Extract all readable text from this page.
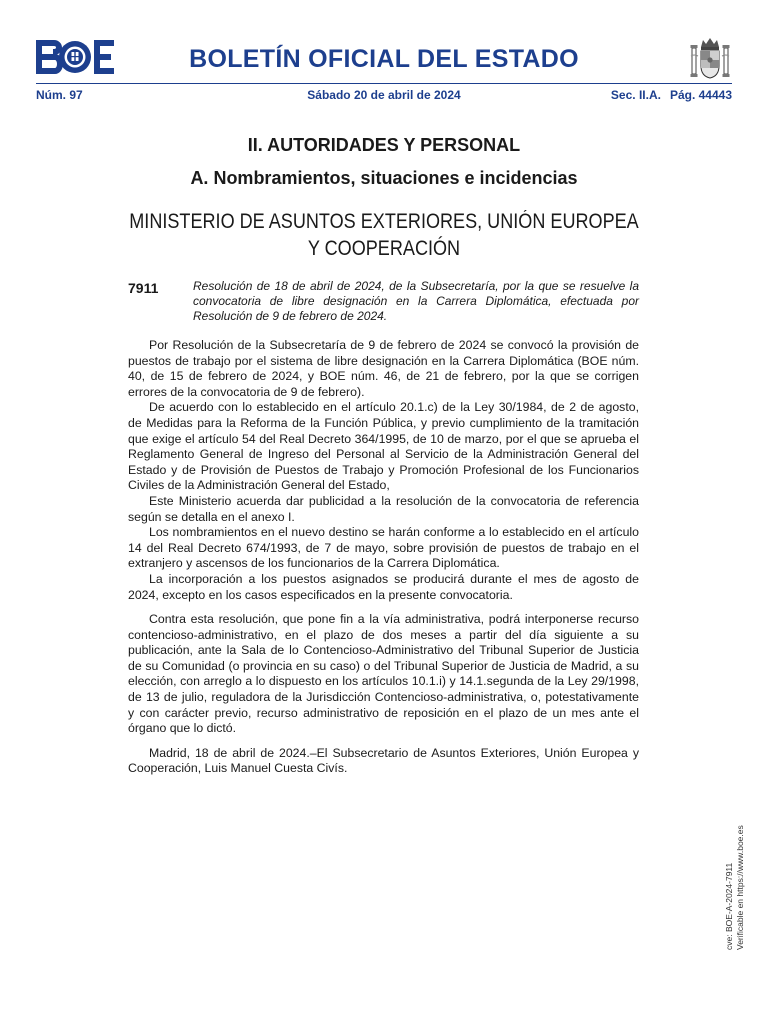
BOLETÍN OFICIAL DEL ESTADO
Núm. 97	Sábado 20 de abril de 2024	Sec. II.A. Pág. 44443
II. AUTORIDADES Y PERSONAL
A. Nombramientos, situaciones e incidencias
MINISTERIO DE ASUNTOS EXTERIORES, UNIÓN EUROPEA
Y COOPERACIÓN
7911	Resolución de 18 de abril de 2024, de la Subsecretaría, por la que se resuelve la convocatoria de libre designación en la Carrera Diplomática, efectuada por Resolución de 9 de febrero de 2024.

Por Resolución de la Subsecretaría de 9 de febrero de 2024 se convocó la provisión de puestos de trabajo por el sistema de libre designación en la Carrera Diplomática (BOE núm. 40, de 15 de febrero de 2024, y BOE núm. 46, de 21 de febrero, por la que se corrigen errores de la convocatoria de 9 de febrero).

De acuerdo con lo establecido en el artículo 20.1.c) de la Ley 30/1984, de 2 de agosto, de Medidas para la Reforma de la Función Pública, y previo cumplimiento de la tramitación que exige el artículo 54 del Real Decreto 364/1995, de 10 de marzo, por el que se aprueba el Reglamento General de Ingreso del Personal al Servicio de la Administración General del Estado y de Provisión de Puestos de Trabajo y Promoción Profesional de los Funcionarios Civiles de la Administración General del Estado,

Este Ministerio acuerda dar publicidad a la resolución de la convocatoria de referencia según se detalla en el anexo I.

Los nombramientos en el nuevo destino se harán conforme a lo establecido en el artículo 14 del Real Decreto 674/1993, de 7 de mayo, sobre provisión de puestos de trabajo en el extranjero y ascensos de los funcionarios de la Carrera Diplomática.

La incorporación a los puestos asignados se producirá durante el mes de agosto de 2024, excepto en los casos especificados en la presente convocatoria.

Contra esta resolución, que pone fin a la vía administrativa, podrá interponerse recurso contencioso-administrativo, en el plazo de dos meses a partir del día siguiente a su publicación, ante la Sala de lo Contencioso-Administrativo del Tribunal Superior de Justicia de su Comunidad (o provincia en su caso) o del Tribunal Superior de Justicia de Madrid, a su elección, con arreglo a lo dispuesto en los artículos 10.1.i) y 14.1.segunda de la Ley 29/1998, de 13 de julio, reguladora de la Jurisdicción Contencioso-administrativa, o, potestativamente y con carácter previo, recurso administrativo de reposición en el plazo de un mes ante el órgano que lo dictó.

Madrid, 18 de abril de 2024.–El Subsecretario de Asuntos Exteriores, Unión Europea y Cooperación, Luis Manuel Cuesta Civís.

cve: BOE-A-2024-7911 Verificable en https://www.boe.es
